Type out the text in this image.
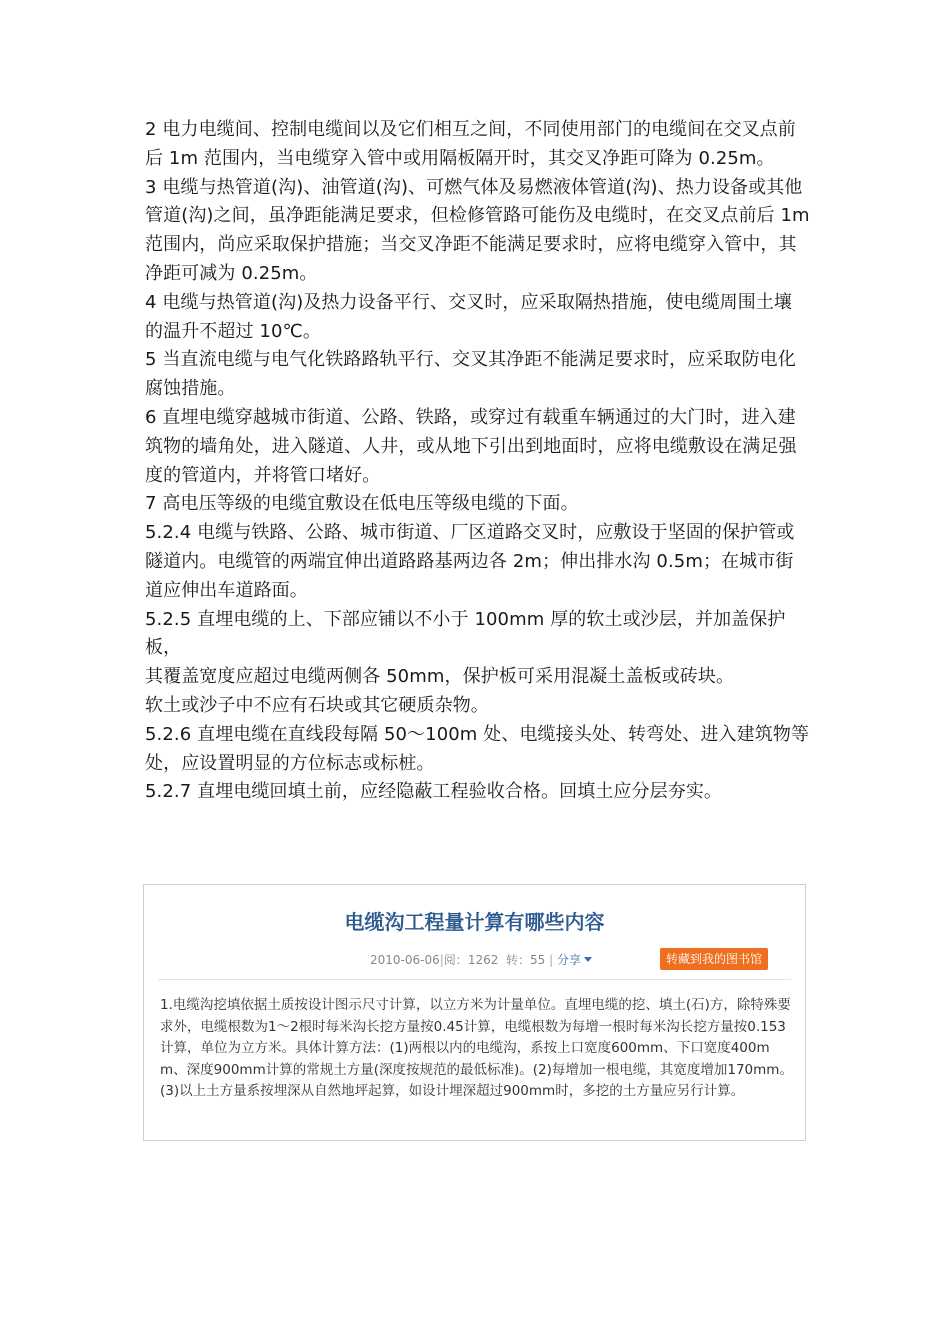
2 电力电缆间、控制电缆间以及它们相互之间，不同使用部门的电缆间在交叉点前后 1m 范围内，当电缆穿入管中或用隔板隔开时，其交叉净距可降为 0.25m。

3 电缆与热管道(沟)、油管道(沟)、可燃气体及易燃液体管道(沟)、热力设备或其他管道(沟)之间，虽净距能满足要求，但检修管路可能伤及电缆时，在交叉点前后 1m 范围内，尚应采取保护措施；当交叉净距不能满足要求时，应将电缆穿入管中，其净距可减为 0.25m。

4 电缆与热管道(沟)及热力设备平行、交叉时，应采取隔热措施，使电缆周围土壤的温升不超过 10℃。

5 当直流电缆与电气化铁路路轨平行、交叉其净距不能满足要求时，应采取防电化腐蚀措施。

6 直埋电缆穿越城市街道、公路、铁路，或穿过有载重车辆通过的大门时，进入建筑物的墙角处，进入隧道、人井，或从地下引出到地面时，应将电缆敷设在满足强度的管道内，并将管口堵好。

7 高电压等级的电缆宜敷设在低电压等级电缆的下面。

5.2.4 电缆与铁路、公路、城市街道、厂区道路交叉时，应敷设于坚固的保护管或隧道内。电缆管的两端宜伸出道路路基两边各 2m；伸出排水沟 0.5m；在城市街道应伸出车道路面。

5.2.5 直埋电缆的上、下部应铺以不小于 100mm 厚的软土或沙层，并加盖保护板，

其覆盖宽度应超过电缆两侧各 50mm，保护板可采用混凝土盖板或砖块。

软土或沙子中不应有石块或其它硬质杂物。

5.2.6 直埋电缆在直线段每隔 50～100m 处、电缆接头处、转弯处、进入建筑物等处，应设置明显的方位标志或标桩。

5.2.7 直埋电缆回填土前，应经隐蔽工程验收合格。回填土应分层夯实。

电缆沟工程量计算有哪些内容
2010-06-06|阅：1262 转：55 | 分享	转藏到我的图书馆

1.电缆沟挖填依据土质按设计图示尺寸计算，以立方米为计量单位。直埋电缆的挖、填土(石)方，除特殊要求外，电缆根数为1～2根时每米沟长挖方量按0.45计算，电缆根数为每增一根时每米沟长挖方量按0.153计算，单位为立方米。具体计算方法：(1)两根以内的电缆沟，系按上口宽度600mm、下口宽度400mm、深度900mm计算的常规土方量(深度按规范的最低标准)。(2)每增加一根电缆，其宽度增加170mm。(3)以上土方量系按埋深从自然地坪起算，如设计埋深超过900mm时，多挖的土方量应另行计算。
